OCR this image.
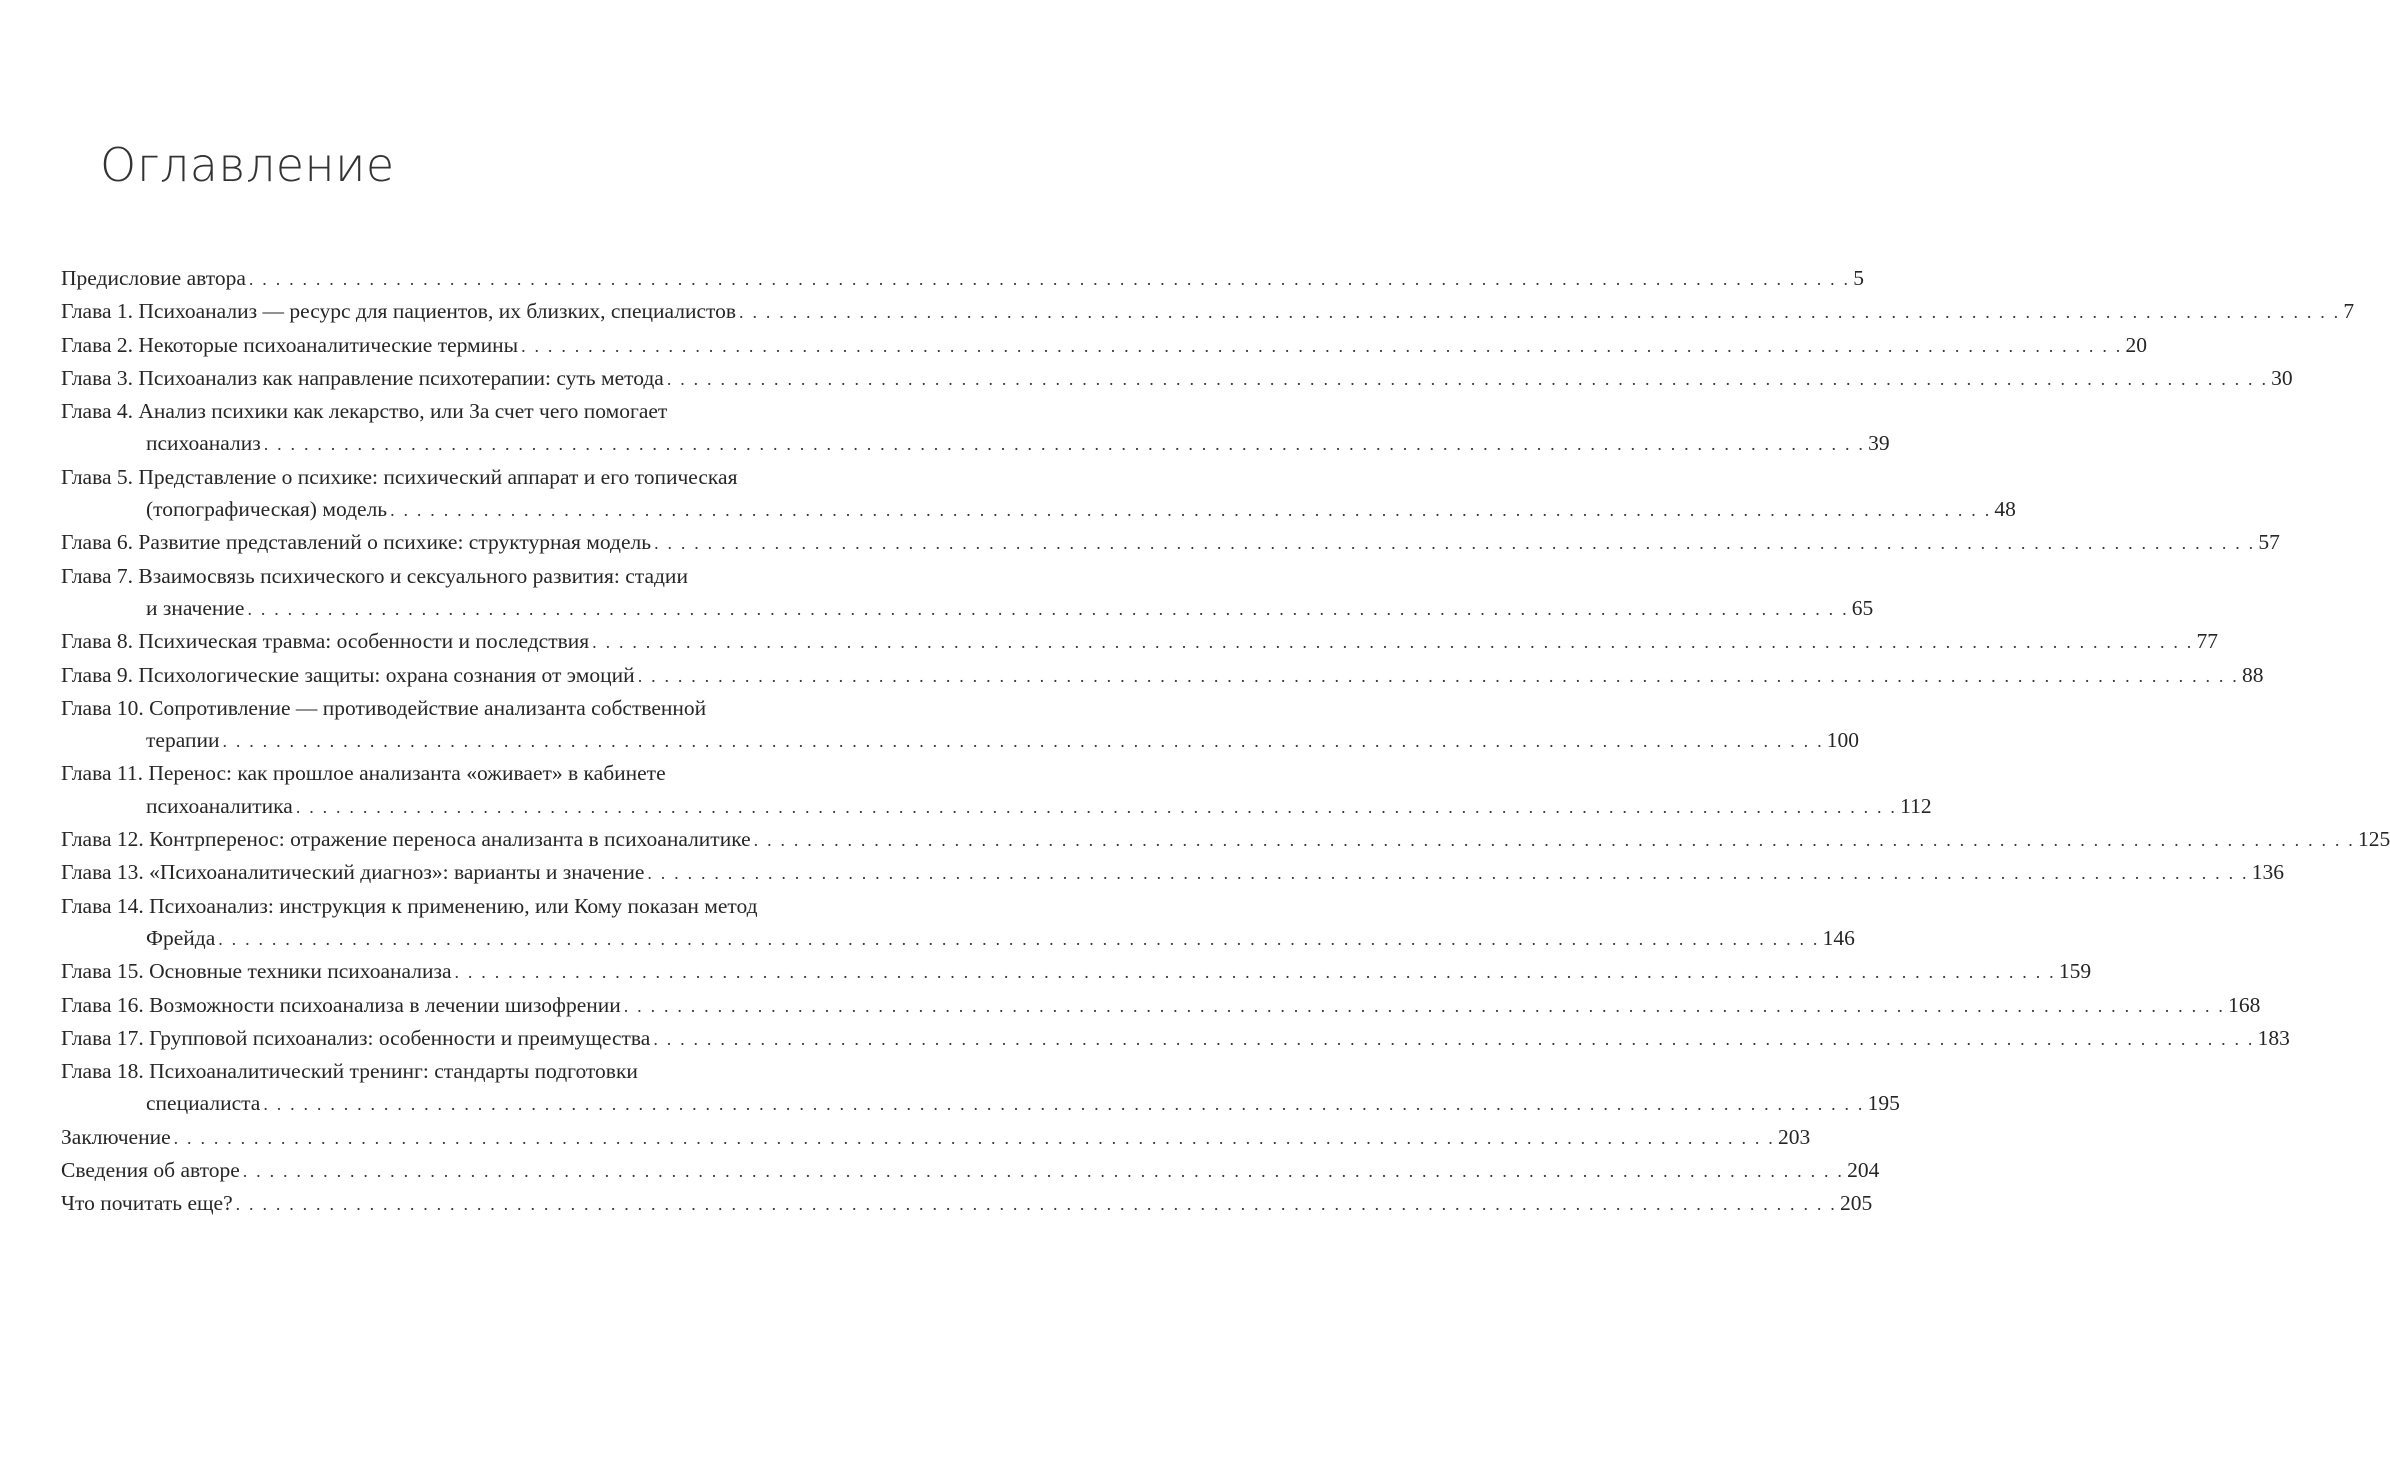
Оглавление
Предисловие автора . . . . . . . . . . . . . . . . . . . . . . . . . . . . . . . . . . . . . . . . . . . . . . . . . . . . . . . . . . . . . . . . . . . . . . . . . . . . . . . . . . . . . . . . . . . . . . . . . . . . . . . . . . . . . . . . . . . . . . . . 5
Глава 1. Психоанализ — ресурс для пациентов, их близких, специалистов . . . . . . . . . . . . . . . . . . . . . . . . . . . . . . . . . . . . . . . . . . . . . . . . . . . . . . . . . . . . . . . . . . . . . . . . . . . . . . . . . . . . . . . . . . . . . . . . . . . . . . . . . . . . . . . . . . . . . . . . 7
Глава 2. Некоторые психоаналитические термины . . . . . . . . . . . . . . . . . . . . . . . . . . . . . . . . . . . . . . . . . . . . . . . . . . . . . . . . . . . . . . . . . . . . . . . . . . . . . . . . . . . . . . . . . . . . . . . . . . . . . . . . . . . . . . . . . . . . . . . . 20
Глава 3. Психоанализ как направление психотерапии: суть метода . . . . . . . . . . . . . . . . . . . . . . . . . . . . . . . . . . . . . . . . . . . . . . . . . . . . . . . . . . . . . . . . . . . . . . . . . . . . . . . . . . . . . . . . . . . . . . . . . . . . . . . . . . . . . . . . . . . . . . . . 30
Глава 4. Анализ психики как лекарство, или За счет чего помогает
психоанализ . . . . . . . . . . . . . . . . . . . . . . . . . . . . . . . . . . . . . . . . . . . . . . . . . . . . . . . . . . . . . . . . . . . . . . . . . . . . . . . . . . . . . . . . . . . . . . . . . . . . . . . . . . . . . . . . . . . . . . . . 39
Глава 5. Представление о психике: психический аппарат и его топическая
(топографическая) модель . . . . . . . . . . . . . . . . . . . . . . . . . . . . . . . . . . . . . . . . . . . . . . . . . . . . . . . . . . . . . . . . . . . . . . . . . . . . . . . . . . . . . . . . . . . . . . . . . . . . . . . . . . . . . . . . . . . . . . . . 48
Глава 6. Развитие представлений о психике: структурная модель . . . . . . . . . . . . . . . . . . . . . . . . . . . . . . . . . . . . . . . . . . . . . . . . . . . . . . . . . . . . . . . . . . . . . . . . . . . . . . . . . . . . . . . . . . . . . . . . . . . . . . . . . . . . . . . . . . . . . . . . 57
Глава 7. Взаимосвязь психического и сексуального развития: стадии
и значение . . . . . . . . . . . . . . . . . . . . . . . . . . . . . . . . . . . . . . . . . . . . . . . . . . . . . . . . . . . . . . . . . . . . . . . . . . . . . . . . . . . . . . . . . . . . . . . . . . . . . . . . . . . . . . . . . . . . . . . . 65
Глава 8. Психическая травма: особенности и последствия . . . . . . . . . . . . . . . . . . . . . . . . . . . . . . . . . . . . . . . . . . . . . . . . . . . . . . . . . . . . . . . . . . . . . . . . . . . . . . . . . . . . . . . . . . . . . . . . . . . . . . . . . . . . . . . . . . . . . . . . 77
Глава 9. Психологические защиты: охрана сознания от эмоций . . . . . . . . . . . . . . . . . . . . . . . . . . . . . . . . . . . . . . . . . . . . . . . . . . . . . . . . . . . . . . . . . . . . . . . . . . . . . . . . . . . . . . . . . . . . . . . . . . . . . . . . . . . . . . . . . . . . . . . . 88
Глава 10. Сопротивление — противодействие анализанта собственной
терапии . . . . . . . . . . . . . . . . . . . . . . . . . . . . . . . . . . . . . . . . . . . . . . . . . . . . . . . . . . . . . . . . . . . . . . . . . . . . . . . . . . . . . . . . . . . . . . . . . . . . . . . . . . . . . . . . . . . . . . . . 100
Глава 11. Перенос: как прошлое анализанта «оживает» в кабинете
психоаналитика . . . . . . . . . . . . . . . . . . . . . . . . . . . . . . . . . . . . . . . . . . . . . . . . . . . . . . . . . . . . . . . . . . . . . . . . . . . . . . . . . . . . . . . . . . . . . . . . . . . . . . . . . . . . . . . . . . . . . . . . 112
Глава 12. Контрперенос: отражение переноса анализанта в психоаналитике . . . . . . . . . . . . . . . . . . . . . . . . . . . . . . . . . . . . . . . . . . . . . . . . . . . . . . . . . . . . . . . . . . . . . . . . . . . . . . . . . . . . . . . . . . . . . . . . . . . . . . . . . . . . . . . . . . . . . . . . 125
Глава 13. «Психоаналитический диагноз»: варианты и значение . . . . . . . . . . . . . . . . . . . . . . . . . . . . . . . . . . . . . . . . . . . . . . . . . . . . . . . . . . . . . . . . . . . . . . . . . . . . . . . . . . . . . . . . . . . . . . . . . . . . . . . . . . . . . . . . . . . . . . . . 136
Глава 14. Психоанализ: инструкция к применению, или Кому показан метод
Фрейда . . . . . . . . . . . . . . . . . . . . . . . . . . . . . . . . . . . . . . . . . . . . . . . . . . . . . . . . . . . . . . . . . . . . . . . . . . . . . . . . . . . . . . . . . . . . . . . . . . . . . . . . . . . . . . . . . . . . . . . . 146
Глава 15. Основные техники психоанализа . . . . . . . . . . . . . . . . . . . . . . . . . . . . . . . . . . . . . . . . . . . . . . . . . . . . . . . . . . . . . . . . . . . . . . . . . . . . . . . . . . . . . . . . . . . . . . . . . . . . . . . . . . . . . . . . . . . . . . . . 159
Глава 16. Возможности психоанализа в лечении шизофрении . . . . . . . . . . . . . . . . . . . . . . . . . . . . . . . . . . . . . . . . . . . . . . . . . . . . . . . . . . . . . . . . . . . . . . . . . . . . . . . . . . . . . . . . . . . . . . . . . . . . . . . . . . . . . . . . . . . . . . . . 168
Глава 17. Групповой психоанализ: особенности и преимущества . . . . . . . . . . . . . . . . . . . . . . . . . . . . . . . . . . . . . . . . . . . . . . . . . . . . . . . . . . . . . . . . . . . . . . . . . . . . . . . . . . . . . . . . . . . . . . . . . . . . . . . . . . . . . . . . . . . . . . . . 183
Глава 18. Психоаналитический тренинг: стандарты подготовки
специалиста . . . . . . . . . . . . . . . . . . . . . . . . . . . . . . . . . . . . . . . . . . . . . . . . . . . . . . . . . . . . . . . . . . . . . . . . . . . . . . . . . . . . . . . . . . . . . . . . . . . . . . . . . . . . . . . . . . . . . . . . 195
Заключение . . . . . . . . . . . . . . . . . . . . . . . . . . . . . . . . . . . . . . . . . . . . . . . . . . . . . . . . . . . . . . . . . . . . . . . . . . . . . . . . . . . . . . . . . . . . . . . . . . . . . . . . . . . . . . . . . . . . . . . . 203
Сведения об авторе . . . . . . . . . . . . . . . . . . . . . . . . . . . . . . . . . . . . . . . . . . . . . . . . . . . . . . . . . . . . . . . . . . . . . . . . . . . . . . . . . . . . . . . . . . . . . . . . . . . . . . . . . . . . . . . . . . . . . . . . 204
Что почитать еще? . . . . . . . . . . . . . . . . . . . . . . . . . . . . . . . . . . . . . . . . . . . . . . . . . . . . . . . . . . . . . . . . . . . . . . . . . . . . . . . . . . . . . . . . . . . . . . . . . . . . . . . . . . . . . . . . . . . . . . . . 205
